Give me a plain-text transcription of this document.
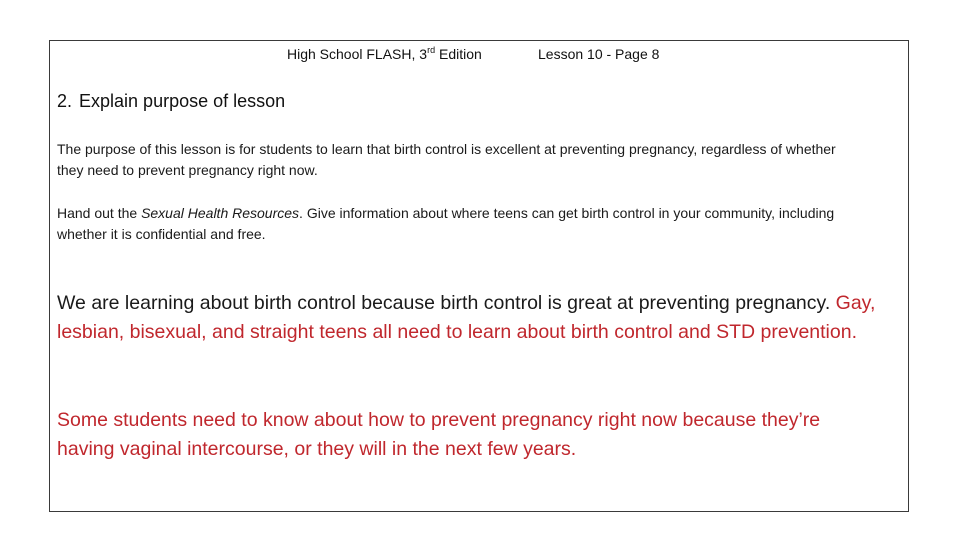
High School FLASH, 3rd Edition	Lesson 10 - Page 8
2. Explain purpose of lesson
The purpose of this lesson is for students to learn that birth control is excellent at preventing pregnancy, regardless of whether they need to prevent pregnancy right now.
Hand out the Sexual Health Resources. Give information about where teens can get birth control in your community, including whether it is confidential and free.
We are learning about birth control because birth control is great at preventing pregnancy. Gay, lesbian, bisexual, and straight teens all need to learn about birth control and STD prevention.
Some students need to know about how to prevent pregnancy right now because they’re having vaginal intercourse, or they will in the next few years.
